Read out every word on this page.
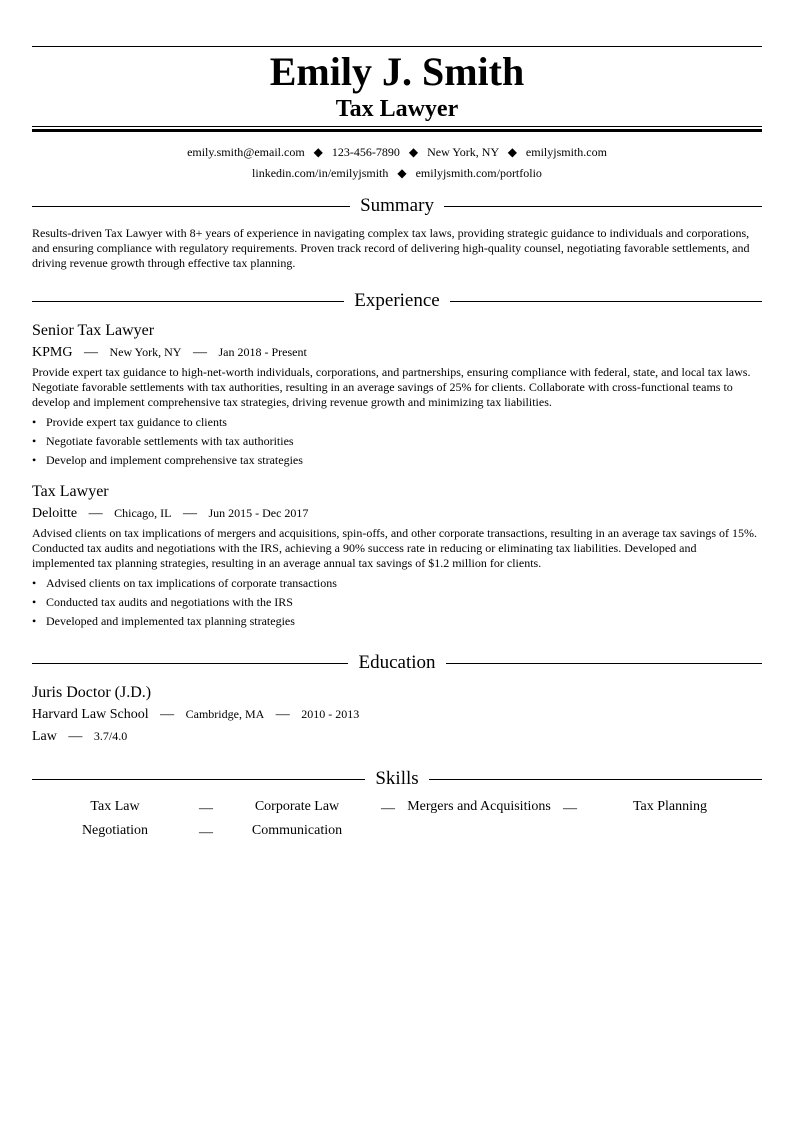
Emily J. Smith
Tax Lawyer
emily.smith@email.com ◆ 123-456-7890 ◆ New York, NY ◆ emilyjsmith.com
linkedin.com/in/emilyjsmith ◆ emilyjsmith.com/portfolio
Summary

Results-driven Tax Lawyer with 8+ years of experience in navigating complex tax laws, providing strategic guidance to individuals and corporations, and ensuring compliance with regulatory requirements. Proven track record of delivering high-quality counsel, negotiating favorable settlements, and driving revenue growth through effective tax planning.

Experience
Senior Tax Lawyer
KPMG — New York, NY — Jan 2018 - Present

Provide expert tax guidance to high-net-worth individuals, corporations, and partnerships, ensuring compliance with federal, state, and local tax laws. Negotiate favorable settlements with tax authorities, resulting in an average savings of 25% for clients. Collaborate with cross-functional teams to develop and implement comprehensive tax strategies, driving revenue growth and minimizing tax liabilities.

• Provide expert tax guidance to clients
• Negotiate favorable settlements with tax authorities
• Develop and implement comprehensive tax strategies
Tax Lawyer
Deloitte — Chicago, IL — Jun 2015 - Dec 2017

Advised clients on tax implications of mergers and acquisitions, spin-offs, and other corporate transactions, resulting in an average tax savings of 15%. Conducted tax audits and negotiations with the IRS, achieving a 90% success rate in reducing or eliminating tax liabilities. Developed and implemented tax planning strategies, resulting in an average annual tax savings of $1.2 million for clients.

• Advised clients on tax implications of corporate transactions
• Conducted tax audits and negotiations with the IRS
• Developed and implemented tax planning strategies
Education
Juris Doctor (J.D.)
Harvard Law School — Cambridge, MA — 2010 - 2013
Law — 3.7/4.0
Skills
Tax Law	—	Corporate Law	— Mergers and Acquisitions —	Tax Planning
Negotiation	—	Communication
